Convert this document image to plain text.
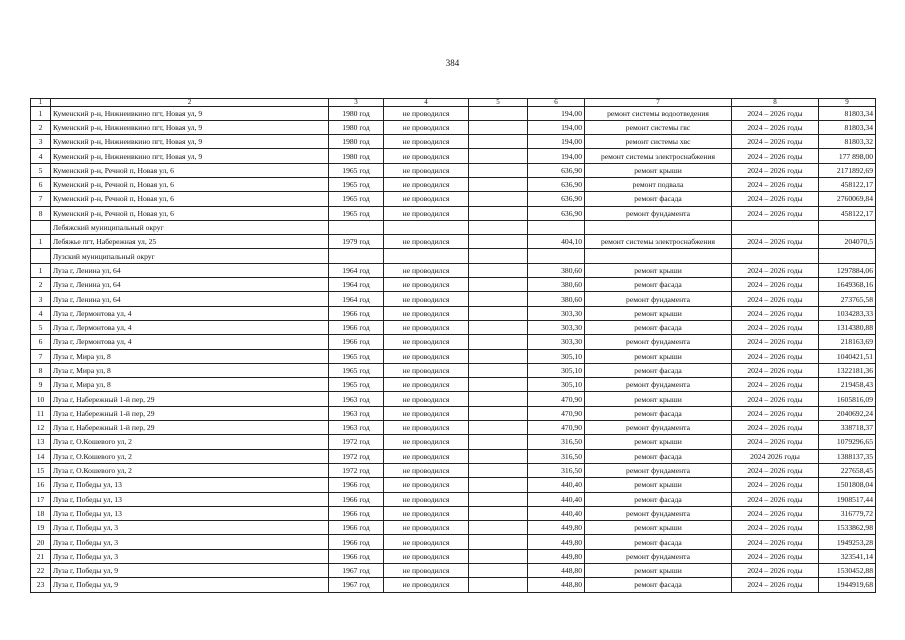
384
1	2	3	4	5	6	7	8	9
1	Куменский р-н, Нижнеивкино пгт, Новая ул, 9	1980 год	не проводился		194,00	ремонт системы водоотведения	2024 – 2026 годы	81803,34
2	Куменский р-н, Нижнеивкино пгт, Новая ул, 9	1980 год	не проводился		194,00	ремонт системы гвс	2024 – 2026 годы	81803,34
3	Куменский р-н, Нижнеивкино пгт, Новая ул, 9	1980 год	не проводился		194,00	ремонт системы хвс	2024 – 2026 годы	81803,32
4	Куменский р-н, Нижнеивкино пгт, Новая ул, 9	1980 год	не проводился		194,00	ремонт системы электроснабжения	2024 – 2026 годы	177 898,00
5	Куменский р-н, Речной п, Новая ул, 6	1965 год	не проводился		636,90	ремонт крыши	2024 – 2026 годы	2171892,69
6	Куменский р-н, Речной п, Новая ул, 6	1965 год	не проводился		636,90	ремонт подвала	2024 – 2026 годы	458122,17
7	Куменский р-н, Речной п, Новая ул, 6	1965 год	не проводился		636,90	ремонт фасада	2024 – 2026 годы	2760069,84
8	Куменский р-н, Речной п, Новая ул, 6	1965 год	не проводился		636,90	ремонт фундамента	2024 – 2026 годы	458122,17
	Лебяжский муниципальный округ							
1	Лебяжье пгт, Набережная ул, 25	1979 год	не проводился		404,10	ремонт системы электроснабжения	2024 – 2026 годы	204070,5
	Лузский муниципальный округ							
1	Луза г, Ленина ул, 64	1964 год	не проводился		380,60	ремонт крыши	2024 – 2026 годы	1297884,06
2	Луза г, Ленина ул, 64	1964 год	не проводился		380,60	ремонт фасада	2024 – 2026 годы	1649368,16
3	Луза г, Ленина ул, 64	1964 год	не проводился		380,60	ремонт фундамента	2024 – 2026 годы	273765,58
4	Луза г, Лермонтова ул, 4	1966 год	не проводился		303,30	ремонт крыши	2024 – 2026 годы	1034283,33
5	Луза г, Лермонтова ул, 4	1966 год	не проводился		303,30	ремонт фасада	2024 – 2026 годы	1314380,88
6	Луза г, Лермонтова ул, 4	1966 год	не проводился		303,30	ремонт фундамента	2024 – 2026 годы	218163,69
7	Луза г, Мира ул, 8	1965 год	не проводился		305,10	ремонт крыши	2024 – 2026 годы	1040421,51
8	Луза г, Мира ул, 8	1965 год	не проводился		305,10	ремонт фасада	2024 – 2026 годы	1322181,36
9	Луза г, Мира ул, 8	1965 год	не проводился		305,10	ремонт фундамента	2024 – 2026 годы	219458,43
10	Луза г, Набережный 1-й пер, 29	1963 год	не проводился		470,90	ремонт крыши	2024 – 2026 годы	1605816,09
11	Луза г, Набережный 1-й пер, 29	1963 год	не проводился		470,90	ремонт фасада	2024 – 2026 годы	2040692,24
12	Луза г, Набережный 1-й пер, 29	1963 год	не проводился		470,90	ремонт фундамента	2024 – 2026 годы	338718,37
13	Луза г, О.Кошевого ул, 2	1972 год	не проводился		316,50	ремонт крыши	2024 – 2026 годы	1079296,65
14	Луза г, О.Кошевого ул, 2	1972 год	не проводился		316,50	ремонт фасада	2024 2026 годы	1388137,35
15	Луза г, О.Кошевого ул, 2	1972 год	не проводился		316,50	ремонт фундамента	2024 – 2026 годы	227658,45
16	Луза г, Победы ул, 13	1966 год	не проводился		440,40	ремонт крыши	2024 – 2026 годы	1501808,04
17	Луза г, Победы ул, 13	1966 год	не проводился		440,40	ремонт фасада	2024 – 2026 годы	1908517,44
18	Луза г, Победы ул, 13	1966 год	не проводился		440,40	ремонт фундамента	2024 – 2026 годы	316779,72
19	Луза г, Победы ул, 3	1966 год	не проводился		449,80	ремонт крыши	2024 – 2026 годы	1533862,98
20	Луза г, Победы ул, 3	1966 год	не проводился		449,80	ремонт фасада	2024 – 2026 годы	1949253,28
21	Луза г, Победы ул, 3	1966 год	не проводился		449,80	ремонт фундамента	2024 – 2026 годы	323541,14
22	Луза г, Победы ул, 9	1967 год	не проводился		448,80	ремонт крыши	2024 – 2026 годы	1530452,88
23	Луза г, Победы ул, 9	1967 год	не проводился		448,80	ремонт фасада	2024 – 2026 годы	1944919,68
